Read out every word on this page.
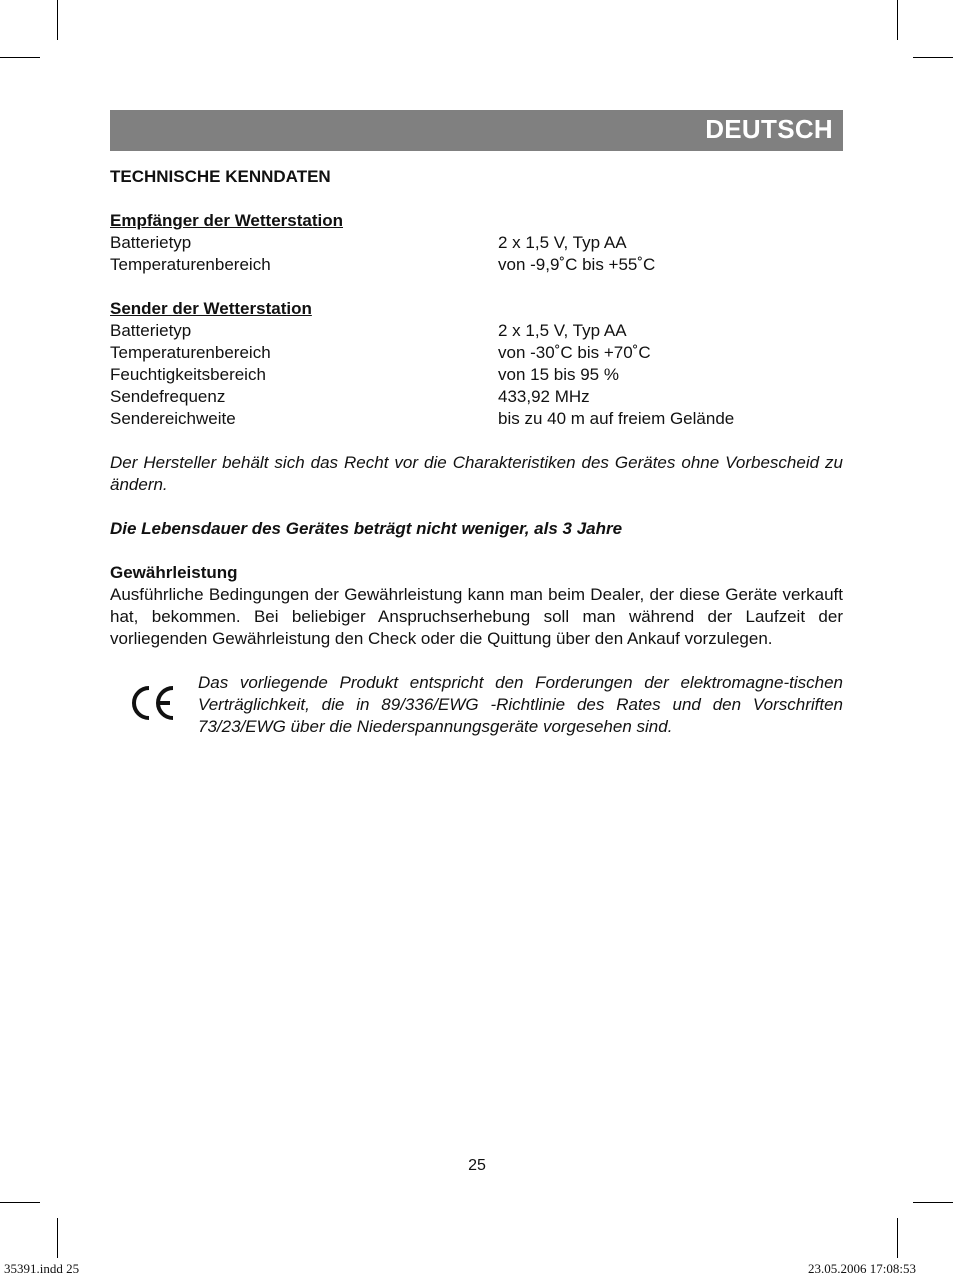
DEUTSCH

TECHNISCHE KENNDATEN

Empfänger der Wetterstation

Batterietyp	2 x 1,5 V, Typ AA
Temperaturenbereich	von -9,9˚C bis +55˚C

Sender der Wetterstation

Batterietyp	2 x 1,5 V, Typ AA
Temperaturenbereich	von -30˚C bis +70˚C
Feuchtigkeitsbereich	von 15 bis 95 %
Sendefrequenz	433,92 MHz
Sendereichweite	bis zu 40 m auf freiem Gelände

Der Hersteller behält sich das Recht vor die Charakteristiken des Gerätes ohne Vorbescheid zu ändern.

Die Lebensdauer des Gerätes beträgt nicht weniger, als 3 Jahre

Gewährleistung

Ausführliche Bedingungen der Gewährleistung kann man beim Dealer, der diese Geräte verkauft hat, bekommen. Bei beliebiger Anspruchserhebung soll man während der Laufzeit der vorliegenden Gewährleistung den Check oder die Quittung über den Ankauf vorzulegen.

Das vorliegende Produkt entspricht den Forderungen der elektromagne-tischen Verträglichkeit, die in 89/336/EWG -Richtlinie des Rates und den Vorschriften 73/23/EWG über die Niederspannungsgeräte vorgesehen sind.

25
35391.indd 25	23.05.2006 17:08:53
